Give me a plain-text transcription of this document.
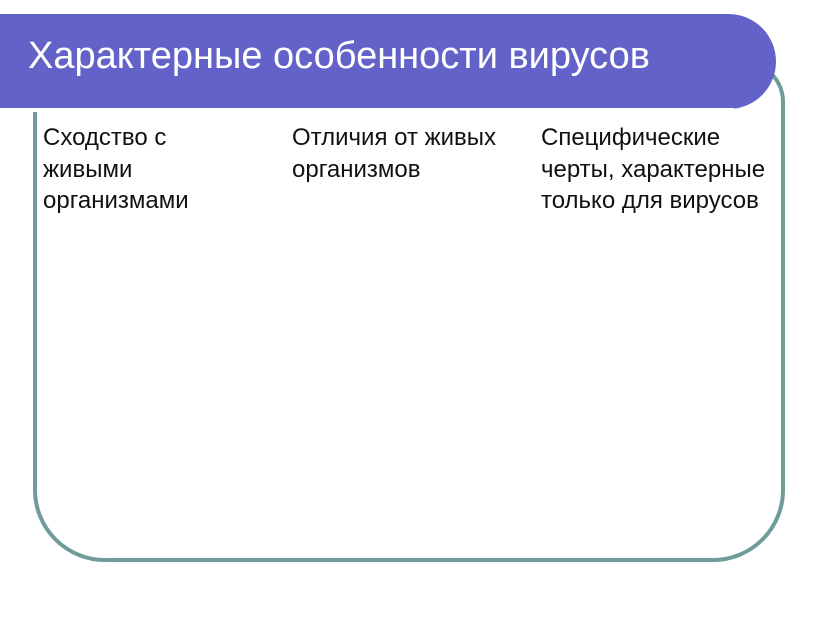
Характерные особенности вирусов
Сходство с живыми организмами
Отличия от живых организмов
Специфические черты, характерные только для вирусов
